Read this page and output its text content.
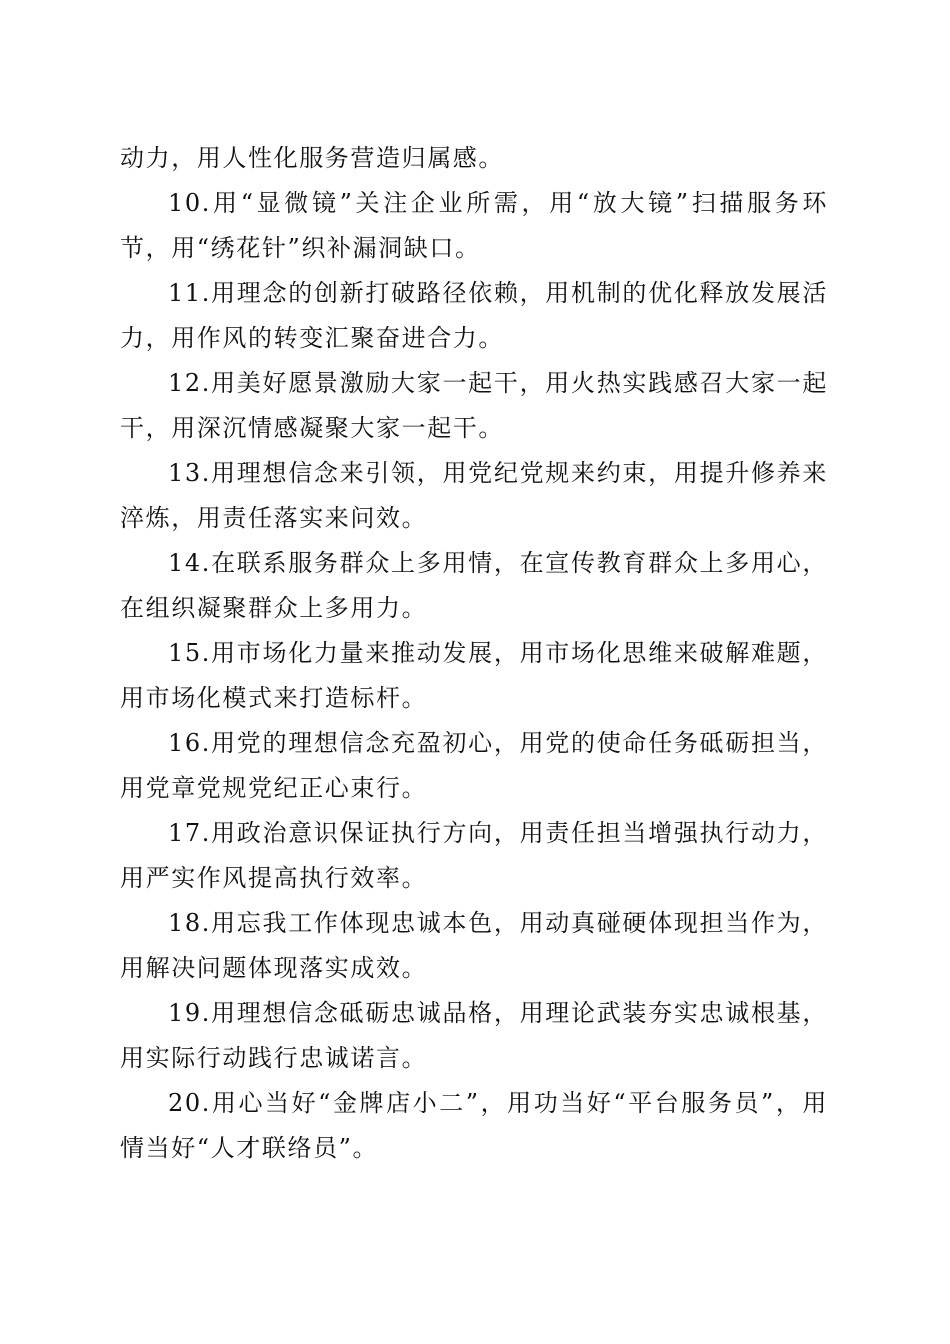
动力，用人性化服务营造归属感。

10.用“显微镜”关注企业所需，用“放大镜”扫描服务环节，用“绣花针”织补漏洞缺口。

11.用理念的创新打破路径依赖，用机制的优化释放发展活力，用作风的转变汇聚奋进合力。

12.用美好愿景激励大家一起干，用火热实践感召大家一起干，用深沉情感凝聚大家一起干。

13.用理想信念来引领，用党纪党规来约束，用提升修养来淬炼，用责任落实来问效。

14.在联系服务群众上多用情，在宣传教育群众上多用心，在组织凝聚群众上多用力。

15.用市场化力量来推动发展，用市场化思维来破解难题，用市场化模式来打造标杆。

16.用党的理想信念充盈初心，用党的使命任务砥砺担当，用党章党规党纪正心束行。

17.用政治意识保证执行方向，用责任担当增强执行动力，用严实作风提高执行效率。

18.用忘我工作体现忠诚本色，用动真碰硬体现担当作为，用解决问题体现落实成效。

19.用理想信念砥砺忠诚品格，用理论武装夯实忠诚根基，用实际行动践行忠诚诺言。

20.用心当好“金牌店小二”，用功当好“平台服务员”，用情当好“人才联络员”。
